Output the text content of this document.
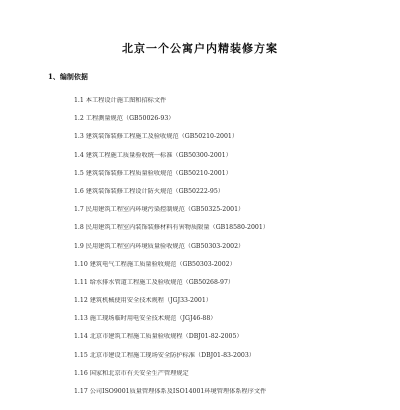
北京一个公寓户内精装修方案
1、编制依据
1.1 本工程设计施工图和招标文件
1.2 工程测量规范（GB50026-93）
1.3 建筑装饰装修工程施工及验收规范（GB50210-2001）
1.4 建筑工程施工质量验收统一标准（GB50300-2001）
1.5 建筑装饰装修工程质量验收规范（GB50210-2001）
1.6 建筑装饰装修工程设计防火规范（GB50222-95）
1.7 民用建筑工程室内环境污染控制规范（GB50325-2001）
1.8 民用建筑工程室内装饰装修材料有害物质限量（GB18580-2001）
1.9 民用建筑工程室内环境质量验收规范（GB50303-2002）
1.10 建筑电气工程施工质量验收规范（GB50303-2002）
1.11 给水排水管道工程施工及验收规范（GB50268-97）
1.12 建筑机械使用安全技术规程（JGJ33-2001）
1.13 施工现场临时用电安全技术规范（JGJ46-88）
1.14 北京市建筑工程施工质量验收规程（DBJ01-82-2005）
1.15 北京市建设工程施工现场安全防护标准（DBJ01-83-2003）
1.16 国家和北京市有关安全生产管理规定
1.17 公司ISO9001质量管理体系及ISO14001环境管理体系程序文件
